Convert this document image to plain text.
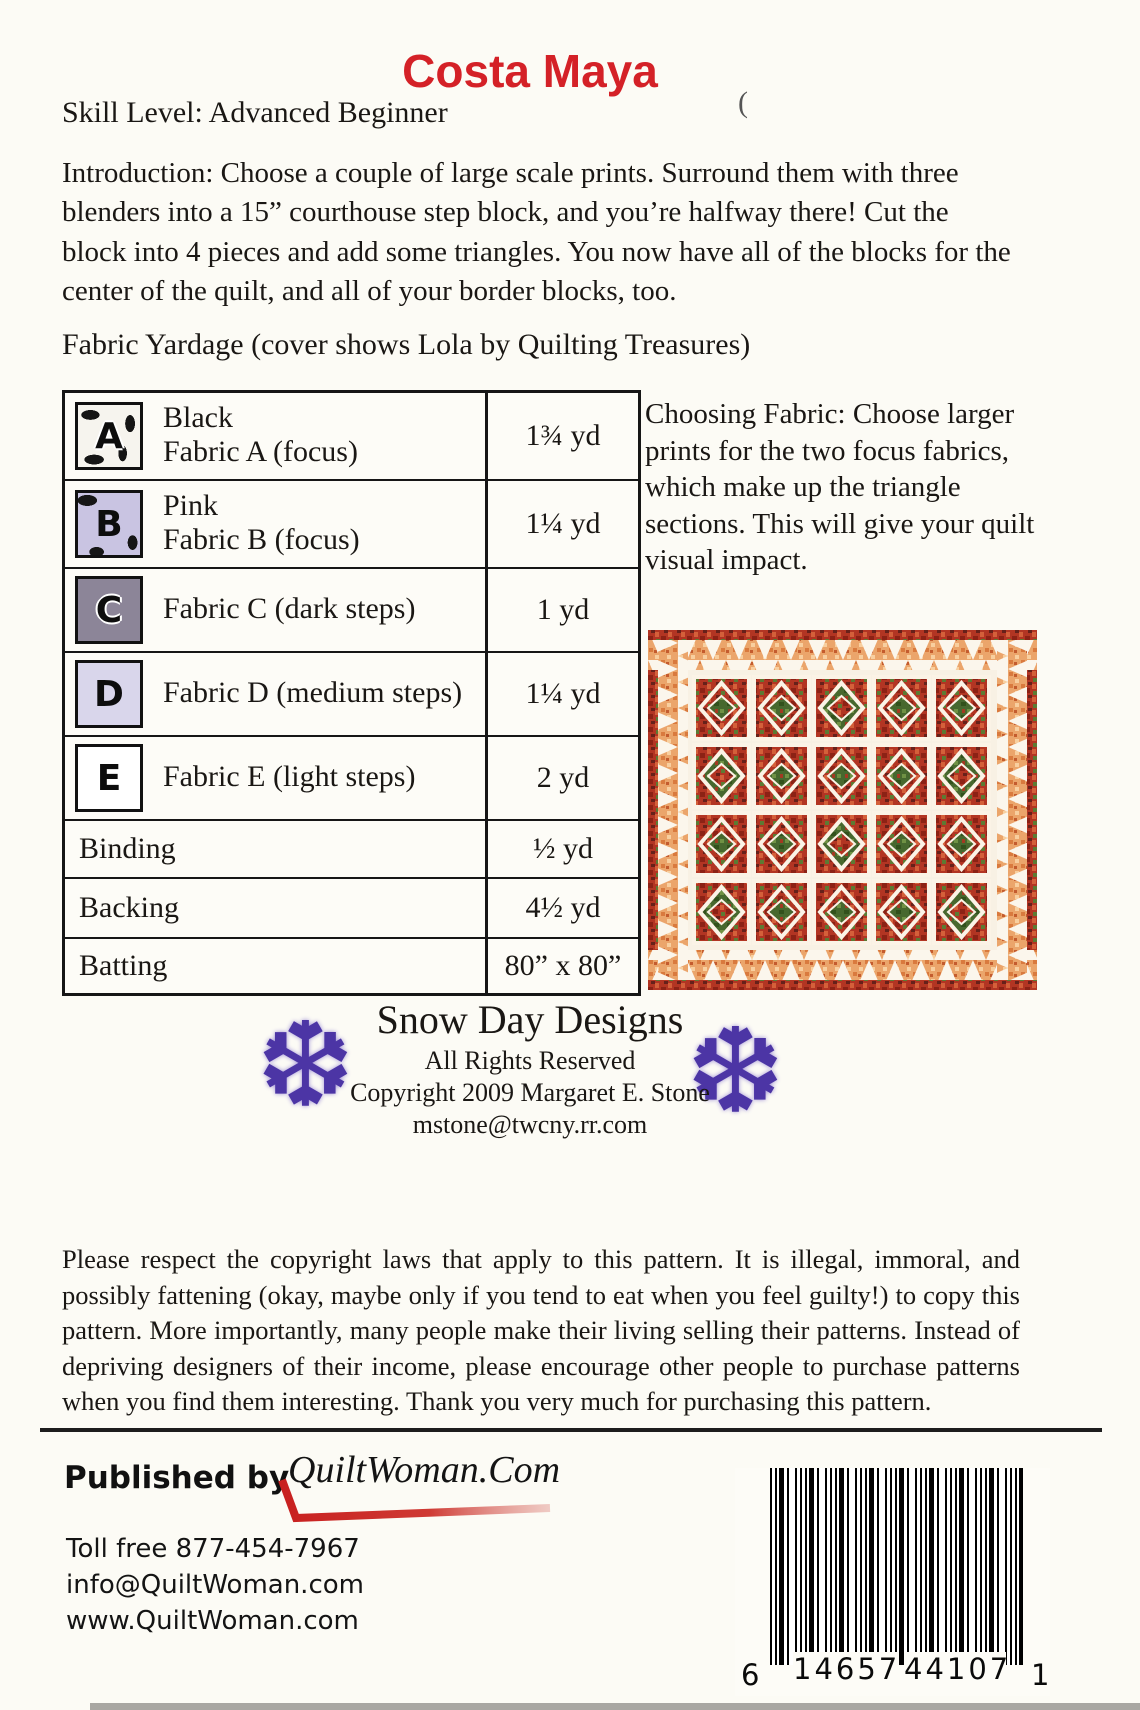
Costa Maya
(
Skill Level: Advanced Beginner
Introduction: Choose a couple of large scale prints. Surround them with three blenders into a 15” courthouse step block, and you’re halfway there! Cut the block into 4 pieces and add some triangles. You now have all of the blocks for the center of the quilt, and all of your border blocks, too.
Fabric Yardage (cover shows Lola by Quilting Treasures)
A Black
Fabric A (focus)	1¾ yd
B Pink
Fabric B (focus)	1¼ yd
C Fabric C (dark steps)	1 yd
D Fabric D (medium steps)	1¼ yd
E Fabric E (light steps)	2 yd
Binding	½ yd
Backing	4½ yd
Batting	80” x 80”
Choosing Fabric: Choose larger prints for the two focus fabrics, which make up the triangle sections. This will give your quilt visual impact.
❆	❆
Snow Day Designs
All Rights Reserved
Copyright 2009 Margaret E. Stone
mstone@twcny.rr.com
Please respect the copyright laws that apply to this pattern. It is illegal, immoral, and possibly fattening (okay, maybe only if you tend to eat when you feel guilty!) to copy this pattern. More importantly, many people make their living selling their patterns. Instead of depriving designers of their income, please encourage other people to purchase patterns when you find them interesting. Thank you very much for purchasing this pattern.
Published by
QuiltWoman.Com
Toll free 877-454-7967
info@QuiltWoman.com
www.QuiltWoman.com
6 14657 44107 1
